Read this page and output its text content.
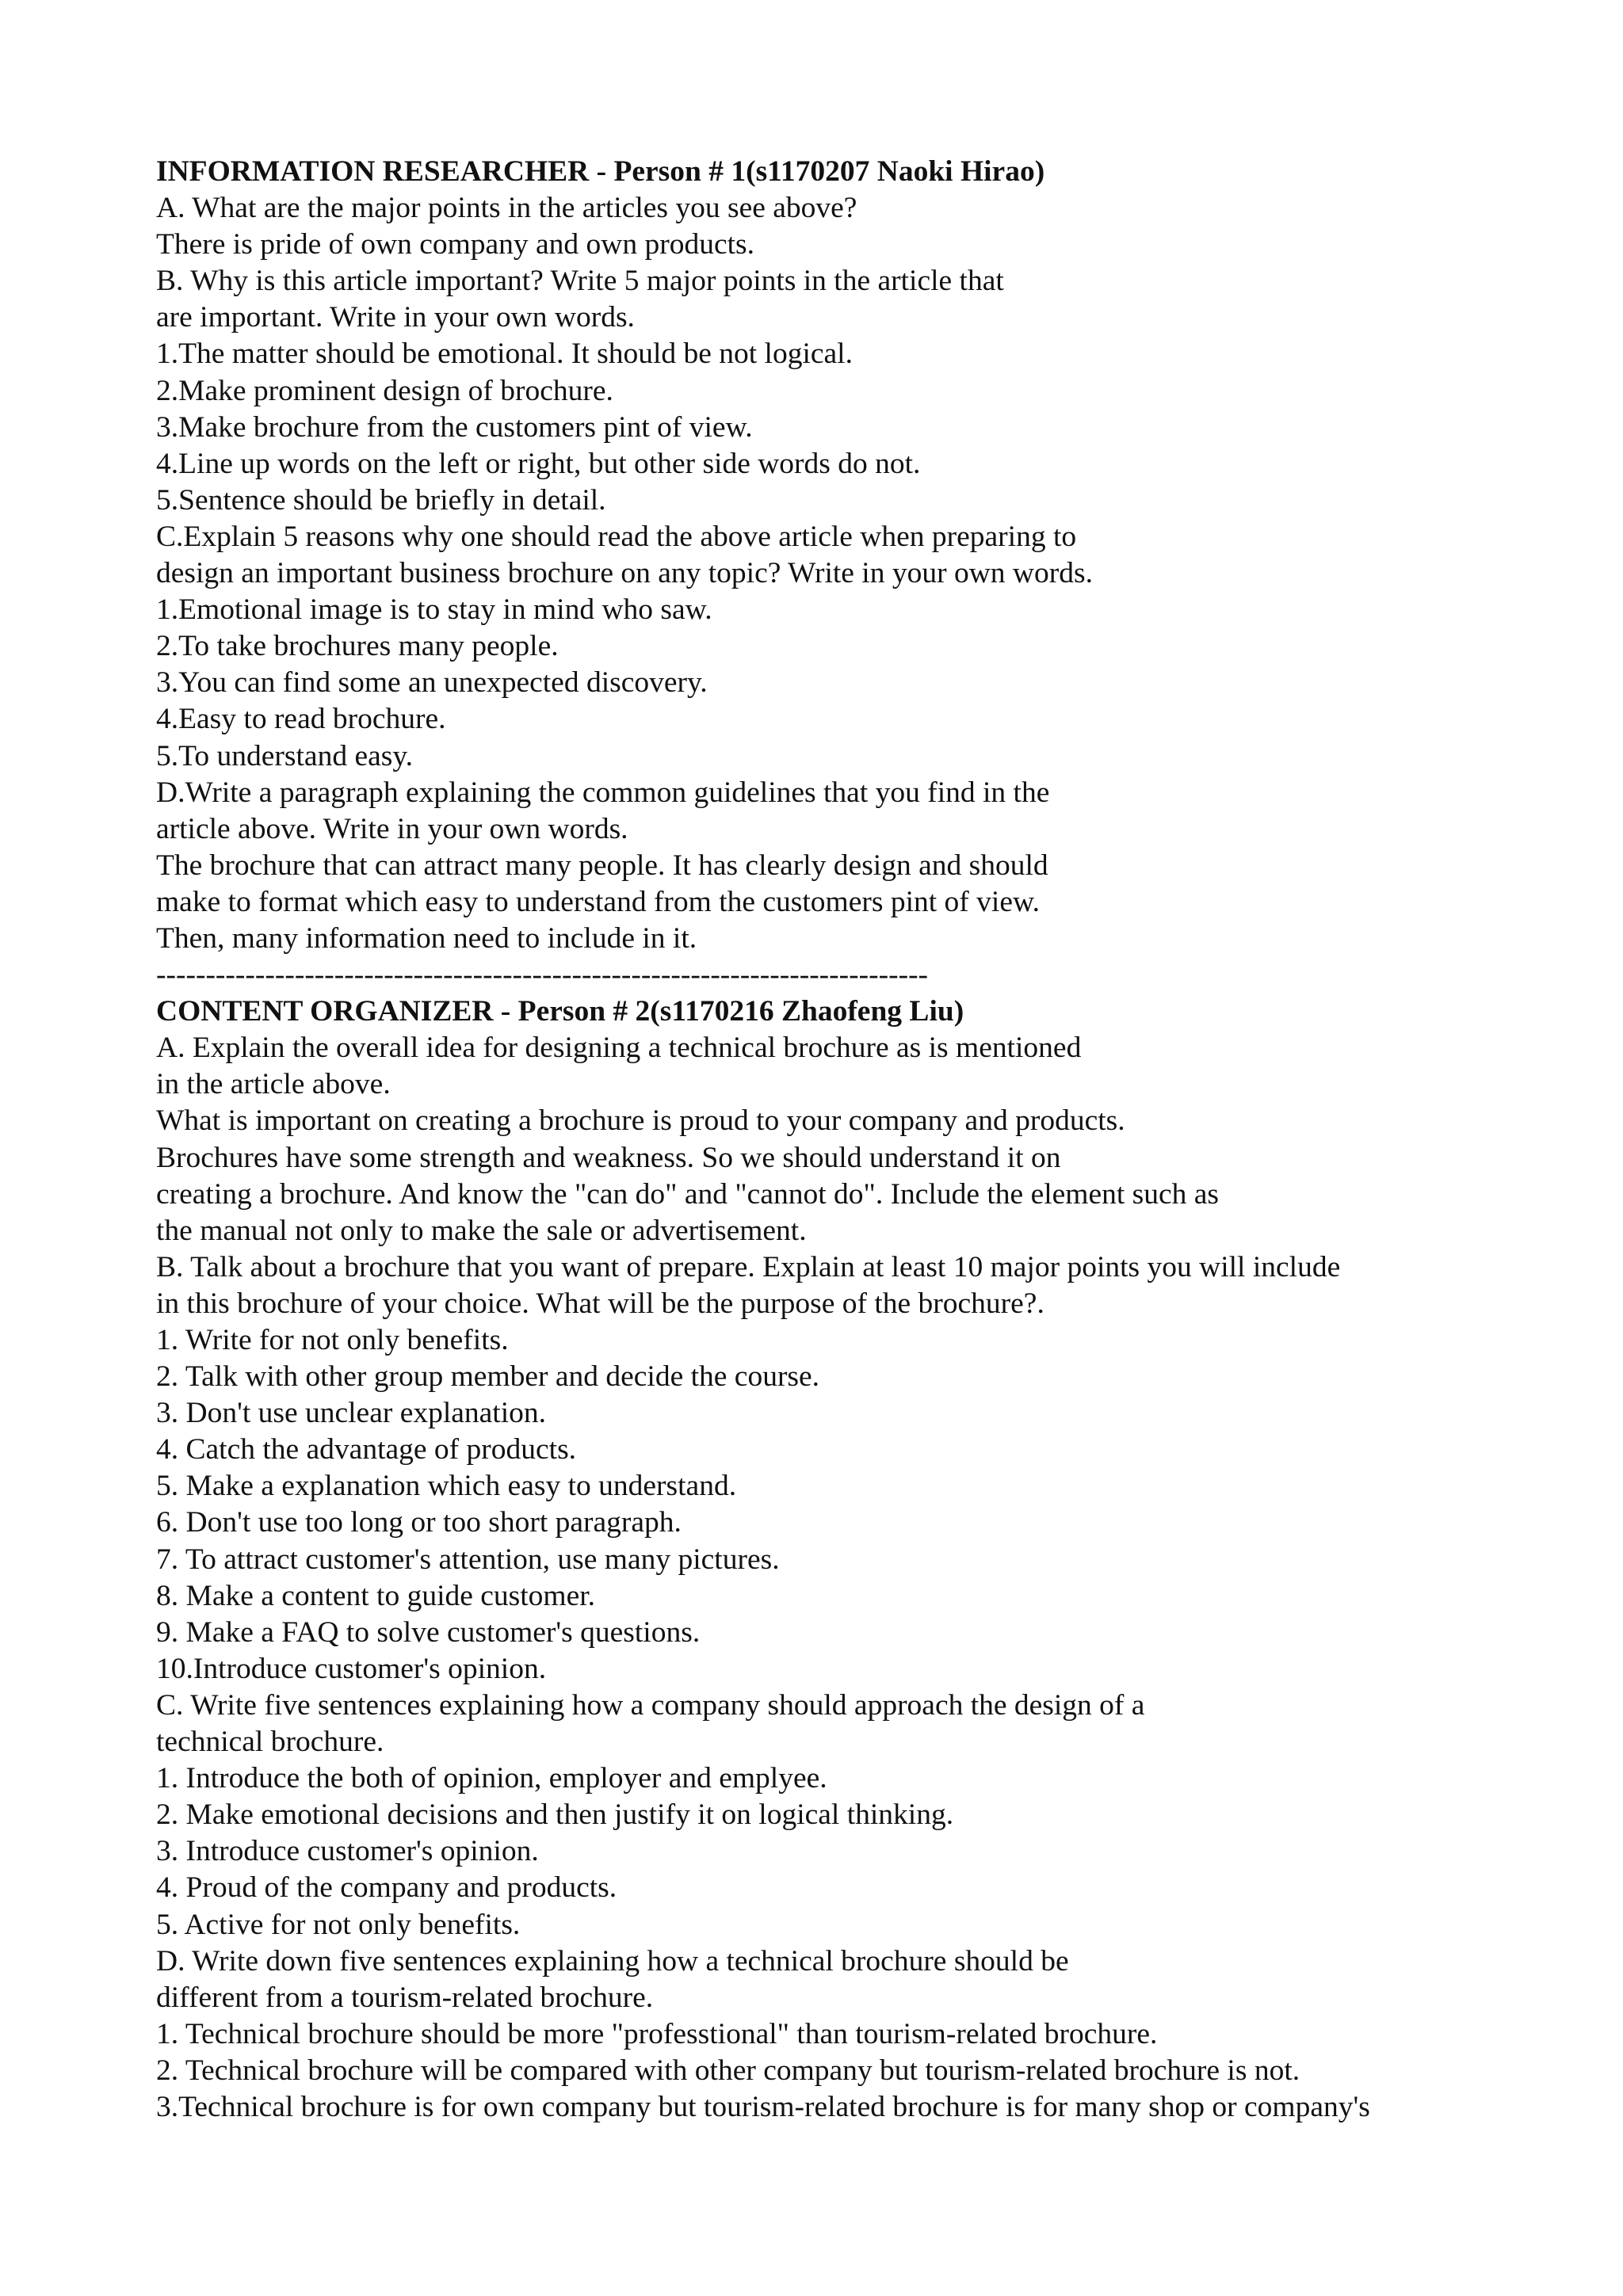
INFORMATION RESEARCHER - Person # 1(s1170207 Naoki Hirao)
A. What are the major points in the articles you see above?
There is pride of own company and own products.
B. Why is this article important? Write 5 major points in the article that
are important. Write in your own words.
1.The matter should be emotional. It should be not logical.
2.Make prominent design of brochure.
3.Make brochure from the customers pint of view.
4.Line up words on the left or right, but other side words do not.
5.Sentence should be briefly in detail.
C.Explain 5 reasons why one should read the above article when preparing to
design an important business brochure on any topic? Write in your own words.
1.Emotional image is to stay in mind who saw.
2.To take brochures many people.
3.You can find some an unexpected discovery.
4.Easy to read brochure.
5.To understand easy.
D.Write a paragraph explaining the common guidelines that you find in the
article above. Write in your own words.
The brochure that can attract many people. It has clearly design and should
make to format which easy to understand from the customers pint of view.
Then, many information need to include in it.
------------------------------------------------------------------------------
CONTENT ORGANIZER - Person # 2(s1170216 Zhaofeng Liu)
A. Explain the overall idea for designing a technical brochure as is mentioned
in the article above.
What is important on creating a brochure is proud to your company and products.
Brochures have some strength and weakness. So we should understand it on
creating a brochure. And know the "can do" and "cannot do". Include the element such as
the manual not only to make the sale or advertisement.
B. Talk about a brochure that you want of prepare. Explain at least 10 major points you will include
in this brochure of your choice. What will be the purpose of the brochure?.
1. Write for not only benefits.
2. Talk with other group member and decide the course.
3. Don't use unclear explanation.
4. Catch the advantage of products.
5. Make a explanation which easy to understand.
6. Don't use too long or too short paragraph.
7. To attract customer's attention, use many pictures.
8. Make a content to guide customer.
9. Make a FAQ to solve customer's questions.
10.Introduce customer's opinion.
C. Write five sentences explaining how a company should approach the design of a
technical brochure.
1. Introduce the both of opinion, employer and emplyee.
2. Make emotional decisions and then justify it on logical thinking.
3. Introduce customer's opinion.
4. Proud of the company and products.
5. Active for not only benefits.
D. Write down five sentences explaining how a technical brochure should be
different from a tourism-related brochure.
1. Technical brochure should be more "professtional" than tourism-related brochure.
2. Technical brochure will be compared with other company but tourism-related brochure is not.
3.Technical brochure is for own company but tourism-related brochure is for many shop or company's
